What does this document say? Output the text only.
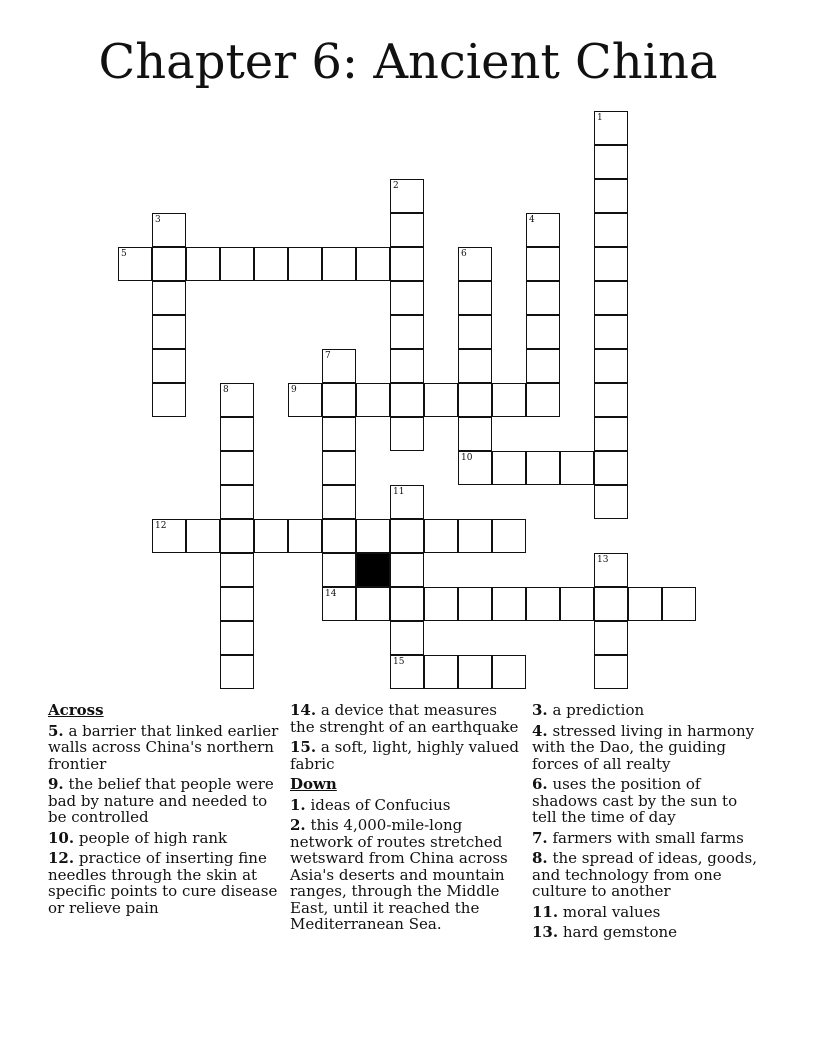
Chapter 6: Ancient China
1
2
3	4
5	6
7
8	9
10
11
12
13
14
15
Across
5. a barrier that linked earlier walls across China's northern frontier
9. the belief that people were bad by nature and needed to be controlled
10. people of high rank
12. practice of inserting fine needles through the skin at specific points to cure disease or relieve pain
14. a device that measures the strenght of an earthquake
15. a soft, light, highly valued fabric
Down
1. ideas of Confucius
2. this 4,000-mile-long network of routes stretched wetsward from China across Asia's deserts and mountain ranges, through the Middle East, until it reached the Mediterranean Sea.
3. a prediction
4. stressed living in harmony with the Dao, the guiding forces of all realty
6. uses the position of shadows cast by the sun to tell the time of day
7. farmers with small farms
8. the spread of ideas, goods, and technology from one culture to another
11. moral values
13. hard gemstone
